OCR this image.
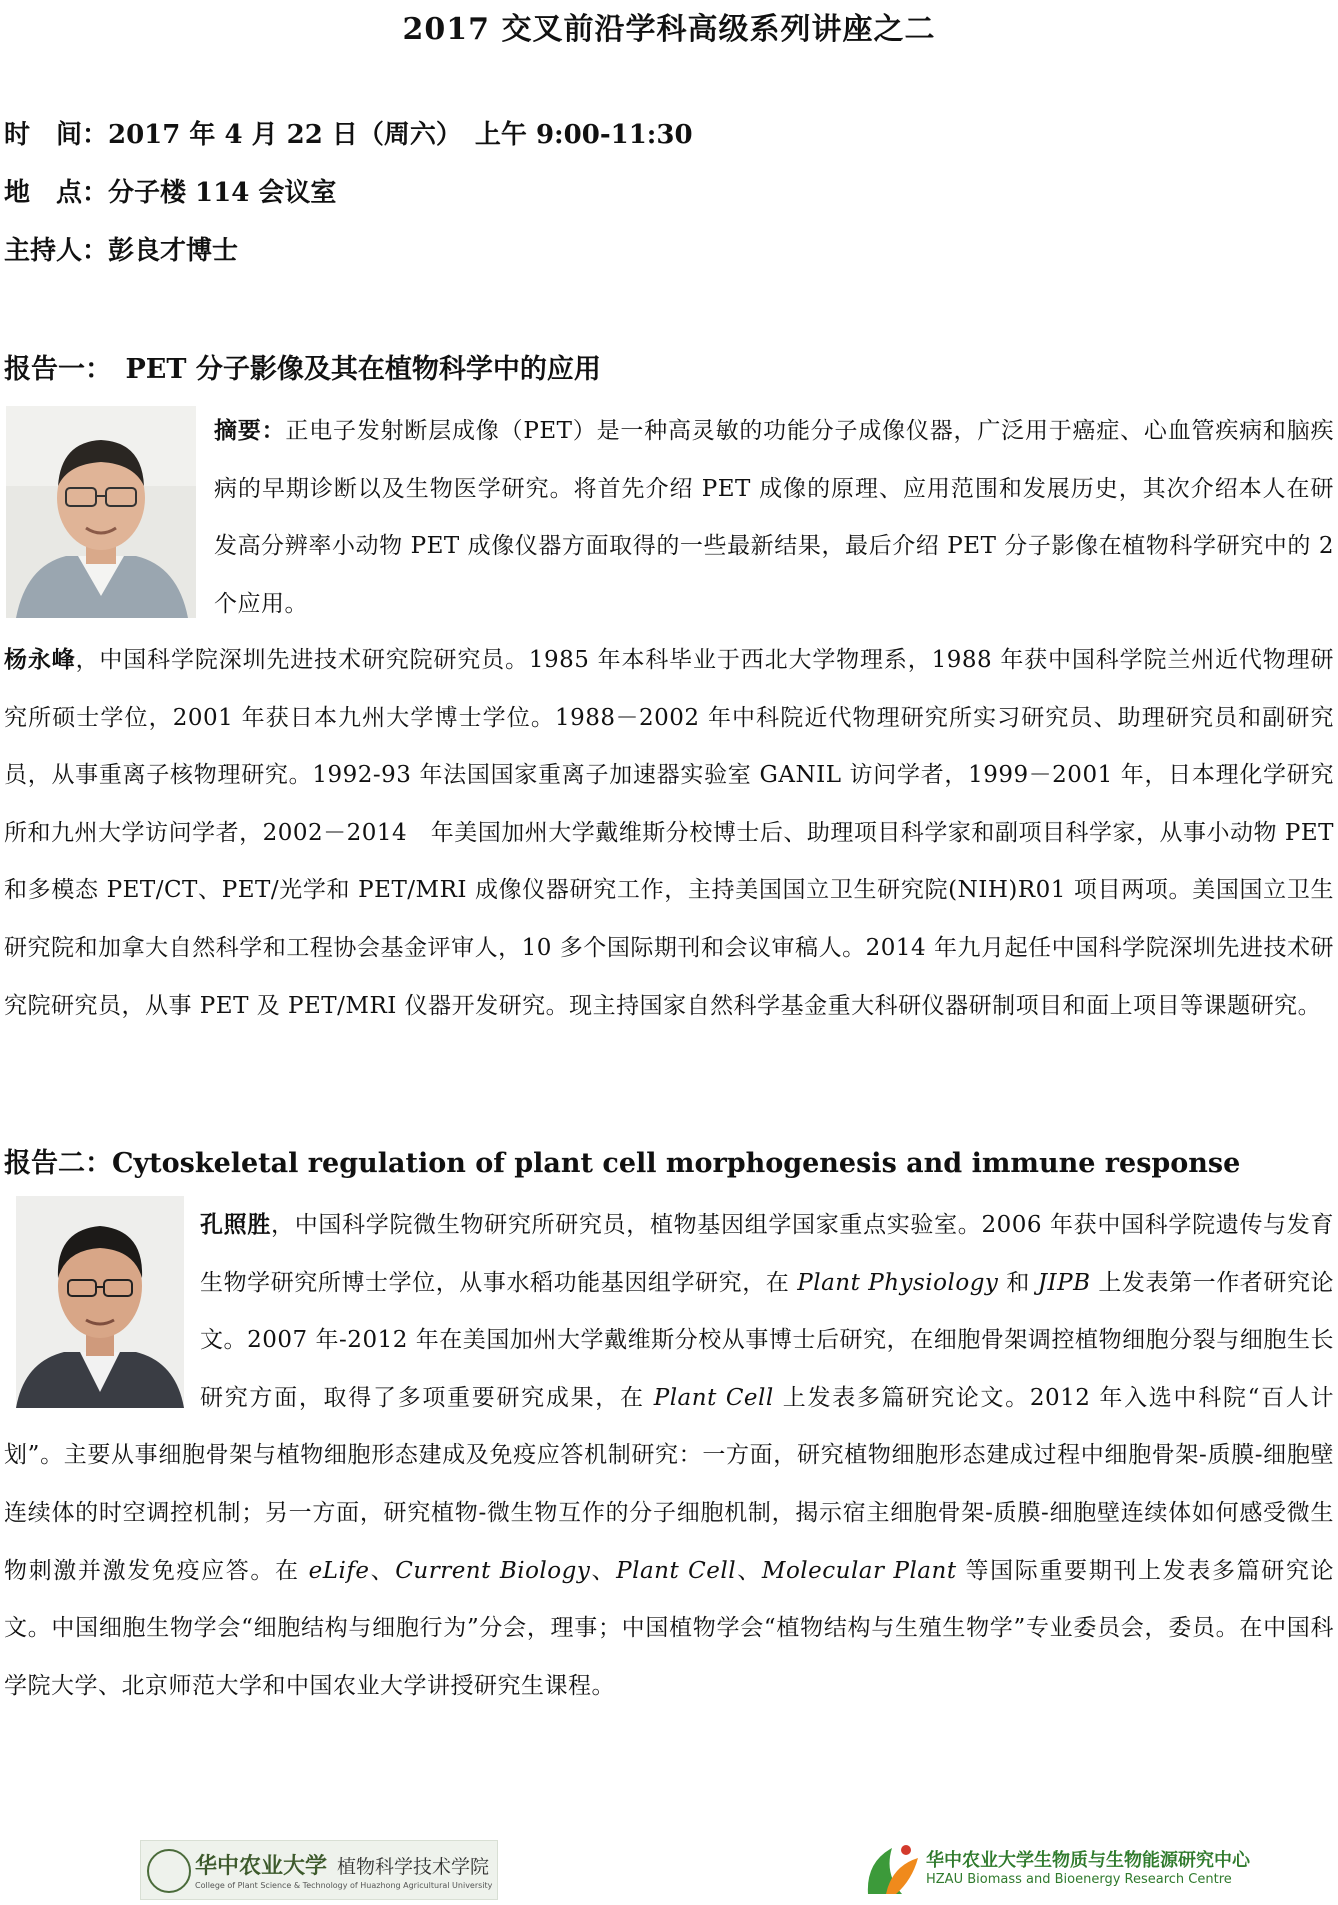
2017 交叉前沿学科高级系列讲座之二
时　间：2017 年 4 月 22 日（周六）　上午 9:00-11:30
地　点：分子楼 114 会议室
主持人：彭良才博士
报告一：　PET 分子影像及其在植物科学中的应用
摘要：正电子发射断层成像（PET）是一种高灵敏的功能分子成像仪器，广泛用于癌症、心血管疾病和脑疾病的早期诊断以及生物医学研究。将首先介绍 PET 成像的原理、应用范围和发展历史，其次介绍本人在研发高分辨率小动物 PET 成像仪器方面取得的一些最新结果，最后介绍 PET 分子影像在植物科学研究中的 2 个应用。
杨永峰，中国科学院深圳先进技术研究院研究员。1985 年本科毕业于西北大学物理系，1988 年获中国科学院兰州近代物理研究所硕士学位，2001 年获日本九州大学博士学位。1988－2002 年中科院近代物理研究所实习研究员、助理研究员和副研究员，从事重离子核物理研究。1992-93 年法国国家重离子加速器实验室 GANIL 访问学者，1999－2001 年，日本理化学研究所和九州大学访问学者，2002－2014　年美国加州大学戴维斯分校博士后、助理项目科学家和副项目科学家，从事小动物 PET 和多模态 PET/CT、PET/光学和 PET/MRI 成像仪器研究工作，主持美国国立卫生研究院(NIH)R01 项目两项。美国国立卫生研究院和加拿大自然科学和工程协会基金评审人，10 多个国际期刊和会议审稿人。2014 年九月起任中国科学院深圳先进技术研究院研究员，从事 PET 及 PET/MRI 仪器开发研究。现主持国家自然科学基金重大科研仪器研制项目和面上项目等课题研究。
报告二：Cytoskeletal regulation of plant cell morphogenesis and immune response
孔照胜，中国科学院微生物研究所研究员，植物基因组学国家重点实验室。2006 年获中国科学院遗传与发育生物学研究所博士学位，从事水稻功能基因组学研究，在 Plant Physiology 和 JIPB 上发表第一作者研究论文。2007 年-2012 年在美国加州大学戴维斯分校从事博士后研究，在细胞骨架调控植物细胞分裂与细胞生长研究方面，取得了多项重要研究成果，在 Plant Cell 上发表多篇研究论文。2012 年入选中科院“百人计划”。主要从事细胞骨架与植物细胞形态建成及免疫应答机制研究：一方面，研究植物细胞形态建成过程中细胞骨架-质膜-细胞壁连续体的时空调控机制；另一方面，研究植物-微生物互作的分子细胞机制，揭示宿主细胞骨架-质膜-细胞壁连续体如何感受微生物刺激并激发免疫应答。在 eLife、Current Biology、Plant Cell、Molecular Plant 等国际重要期刊上发表多篇研究论文。中国细胞生物学会“细胞结构与细胞行为”分会，理事；中国植物学会“植物结构与生殖生物学”专业委员会，委员。在中国科学院大学、北京师范大学和中国农业大学讲授研究生课程。
华中农业大学 植物科学技术学院
College of Plant Science & Technology of Huazhong Agricultural University
华中农业大学生物质与生物能源研究中心
HZAU Biomass and Bioenergy Research Centre
